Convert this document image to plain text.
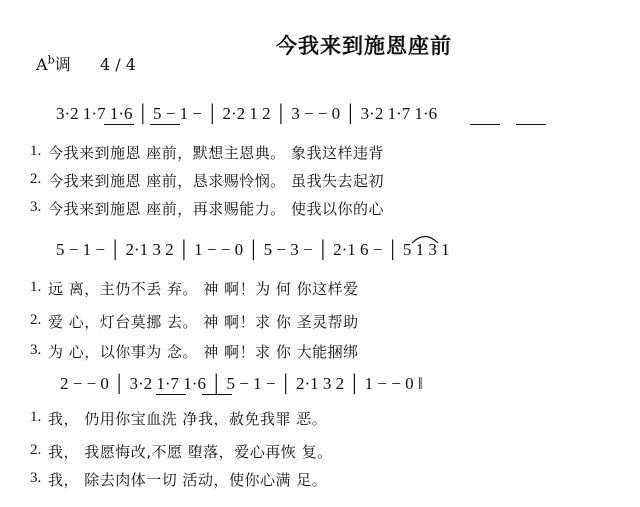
今我来到施恩座前
$A^b$调 4 / 4
3·2 1·7 1·6 │ 5 − 1 − │ 2·2 1 2 │ 3 − − 0 │ 3·2 1·7 1·6
1. 今我来到施恩 座前，默想主恩典。 象我这样违背
2. 今我来到施恩 座前，恳求赐怜悯。 虽我失去起初
3. 今我来到施恩 座前，再求赐能力。 使我以你的心
5 − 1 − │ 2·1 3 2 │ 1 − − 0 │ 5 − 3 − │ 2·1 6 − │ 5 1 3 1
1. 远 离，主仍不丢 弃。 神 啊！为 何 你这样爱
2. 爱 心，灯台莫挪 去。 神 啊！求 你 圣灵帮助
3. 为 心，以你事为 念。 神 啊！求 你 大能捆绑
2 − − 0 │ 3·2 1·7 1·6 │ 5 − 1 − │ 2·1 3 2 │ 1 − − 0 ‖
1. 我， 仍用你宝血洗 净我，赦免我罪 恶。
2. 我， 我愿悔改,不愿 堕落，爱心再恢 复。
3. 我， 除去肉体一切 活动，使你心满 足。
